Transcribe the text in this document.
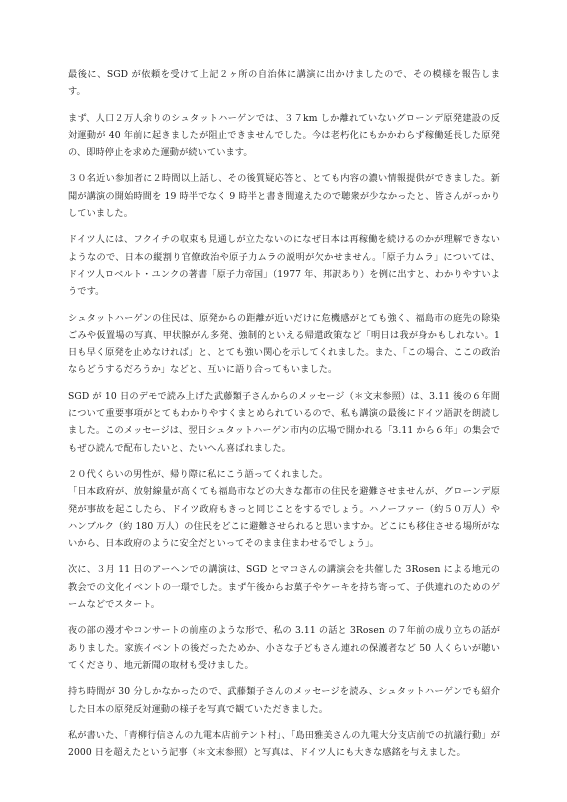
最後に、SGD が依頼を受けて上記２ヶ所の自治体に講演に出かけましたので、その模様を報告します。

まず、人口２万人余りのシュタットハーゲンでは、３７km しか離れていないグローンデ原発建設の反対運動が 40 年前に起きましたが阻止できませんでした。今は老朽化にもかかわらず稼働延長した原発の、即時停止を求めた運動が続いています。

３０名近い参加者に２時間以上話し、その後質疑応答と、とても内容の濃い情報提供ができました。新聞が講演の開始時間を 19 時半でなく 9 時半と書き間違えたので聴衆が少なかったと、皆さんがっかりしていました。

ドイツ人には、フクイチの収束も見通しが立たないのになぜ日本は再稼働を続けるのかが理解できないようなので、日本の縦割り官僚政治や原子力ムラの説明が欠かせません。「原子力ムラ」については、ドイツ人ロベルト・ユンクの著書「原子力帝国」（1977 年、邦訳あり）を例に出すと、わかりやすいようです。

シュタットハーゲンの住民は、原発からの距離が近いだけに危機感がとても強く、福島市の庭先の除染ごみや仮置場の写真、甲状腺がん多発、強制的といえる帰還政策など「明日は我が身かもしれない。1日も早く原発を止めなければ」と、とても強い関心を示してくれました。また、「この場合、ここの政治ならどうするだろうか」などと、互いに語り合ってもいました。

SGD が 10 日のデモで読み上げた武藤類子さんからのメッセージ（＊文末参照）は、3.11 後の６年間について重要事項がとてもわかりやすくまとめられているので、私も講演の最後にドイツ語訳を朗読しました。このメッセージは、翌日シュタットハーゲン市内の広場で開かれる「3.11 から６年」の集会でもぜひ読んで配布したいと、たいへん喜ばれました。

２０代くらいの男性が、帰り際に私にこう語ってくれました。
「日本政府が、放射線量が高くても福島市などの大きな都市の住民を避難させませんが、グローンデ原発が事故を起こしたら、ドイツ政府もきっと同じことをするでしょう。ハノーファー（約５０万人）やハンブルク（約 180 万人）の住民をどこに避難させられると思いますか。どこにも移住させる場所がないから、日本政府のように安全だといってそのまま住まわせるでしょう」。

次に、３月 11 日のアーヘンでの講演は、SGD とマコさんの講演会を共催した 3Rosen による地元の教会での文化イベントの一環でした。まず午後からお菓子やケーキを持ち寄って、子供連れのためのゲームなどでスタート。

夜の部の漫才やコンサートの前座のような形で、私の 3.11 の話と 3Rosen の７年前の成り立ちの話がありました。家族イベントの後だったためか、小さな子どもさん連れの保護者など 50 人くらいが聴いてくださり、地元新聞の取材も受けました。

持ち時間が 30 分しかなかったので、武藤類子さんのメッセージを読み、シュタットハーゲンでも紹介した日本の原発反対運動の様子を写真で観ていただきました。

私が書いた、「青柳行信さんの九電本店前テント村」、「島田雅美さんの九電大分支店前での抗議行動」が 2000 日を超えたという記事（＊文末参照）と写真は、ドイツ人にも大きな感銘を与えました。
